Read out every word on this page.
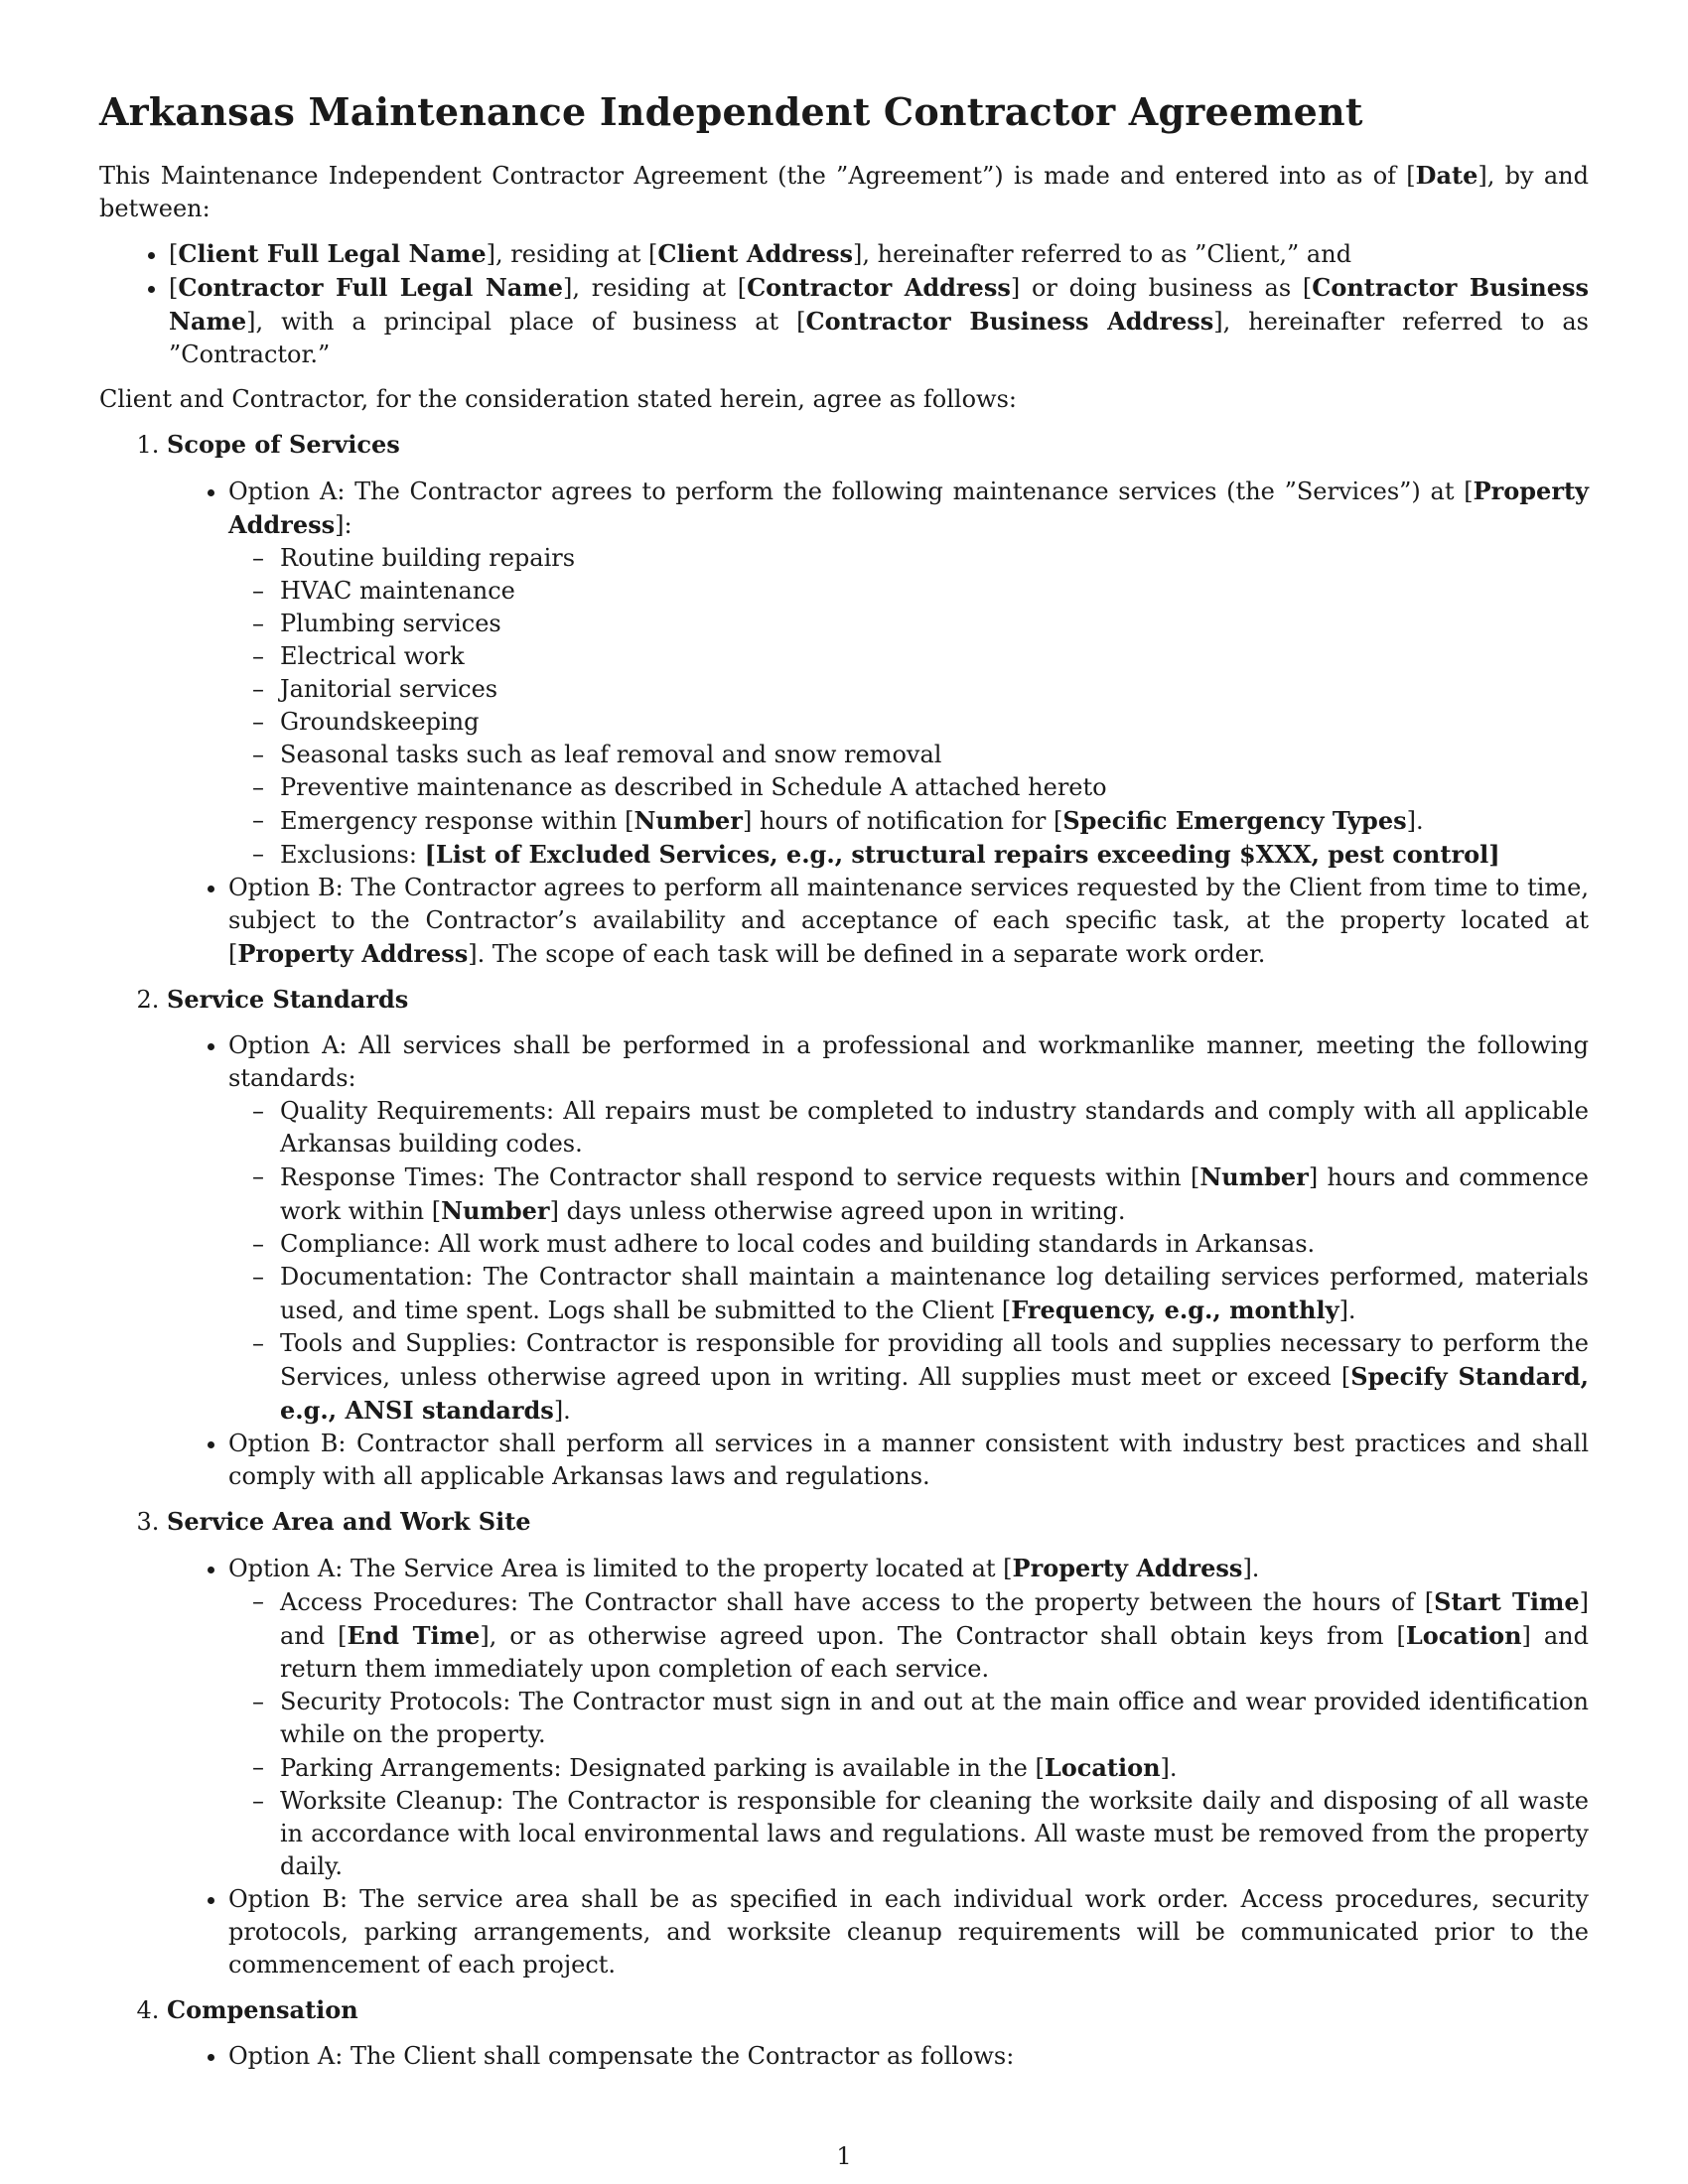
Arkansas Maintenance Independent Contractor Agreement

This Maintenance Independent Contractor Agreement (the ”Agreement”) is made and entered into as of [Date], by and between:

• [Client Full Legal Name], residing at [Client Address], hereinafter referred to as ”Client,” and
• [Contractor Full Legal Name], residing at [Contractor Address] or doing business as [Contractor Business Name], with a principal place of business at [Contractor Business Address], hereinafter referred to as ”Contractor.”

Client and Contractor, for the consideration stated herein, agree as follows:

1. Scope of Services
• Option A: The Contractor agrees to perform the following maintenance services (the ”Services”) at [Property Address]:
– Routine building repairs
– HVAC maintenance
– Plumbing services
– Electrical work
– Janitorial services
– Groundskeeping
– Seasonal tasks such as leaf removal and snow removal
– Preventive maintenance as described in Schedule A attached hereto
– Emergency response within [Number] hours of notification for [Specific Emergency Types].
– Exclusions: [List of Excluded Services, e.g., structural repairs exceeding $XXX, pest control]
• Option B: The Contractor agrees to perform all maintenance services requested by the Client from time to time, subject to the Contractor’s availability and acceptance of each specific task, at the property located at [Property Address]. The scope of each task will be defined in a separate work order.
2. Service Standards
• Option A: All services shall be performed in a professional and workmanlike manner, meeting the following standards:
– Quality Requirements: All repairs must be completed to industry standards and comply with all applicable Arkansas building codes.
– Response Times: The Contractor shall respond to service requests within [Number] hours and commence work within [Number] days unless otherwise agreed upon in writing.
– Compliance: All work must adhere to local codes and building standards in Arkansas.
– Documentation: The Contractor shall maintain a maintenance log detailing services performed, materials used, and time spent. Logs shall be submitted to the Client [Frequency, e.g., monthly].
– Tools and Supplies: Contractor is responsible for providing all tools and supplies necessary to perform the Services, unless otherwise agreed upon in writing. All supplies must meet or exceed [Specify Standard, e.g., ANSI standards].
• Option B: Contractor shall perform all services in a manner consistent with industry best practices and shall comply with all applicable Arkansas laws and regulations.
3. Service Area and Work Site
• Option A: The Service Area is limited to the property located at [Property Address].
– Access Procedures: The Contractor shall have access to the property between the hours of [Start Time] and [End Time], or as otherwise agreed upon. The Contractor shall obtain keys from [Location] and return them immediately upon completion of each service.
– Security Protocols: The Contractor must sign in and out at the main office and wear provided identification while on the property.
– Parking Arrangements: Designated parking is available in the [Location].
– Worksite Cleanup: The Contractor is responsible for cleaning the worksite daily and disposing of all waste in accordance with local environmental laws and regulations. All waste must be removed from the property daily.
• Option B: The service area shall be as specified in each individual work order. Access procedures, security protocols, parking arrangements, and worksite cleanup requirements will be communicated prior to the commencement of each project.
4. Compensation
• Option A: The Client shall compensate the Contractor as follows:
1
